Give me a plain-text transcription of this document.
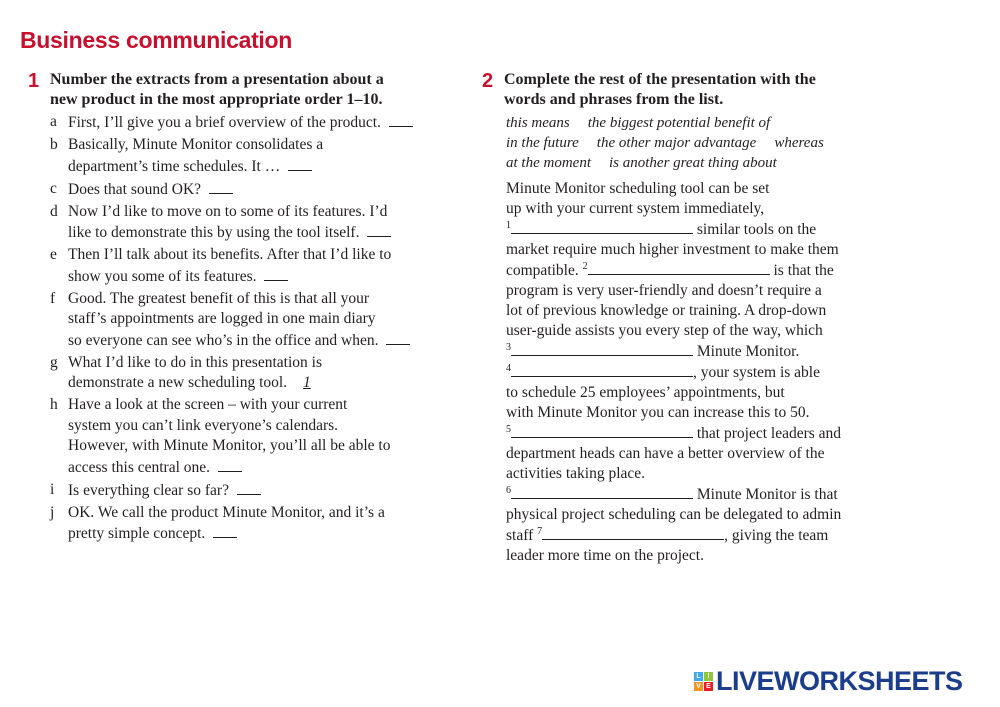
Business communication
1 Number the extracts from a presentation about a
new product in the most appropriate order 1–10.
a First, I’ll give you a brief overview of the product.
b Basically, Minute Monitor consolidates a
department’s time schedules. It …
c Does that sound OK?
d Now I’d like to move on to some of its features. I’d
like to demonstrate this by using the tool itself.
e Then I’ll talk about its benefits. After that I’d like to
show you some of its features.
f Good. The greatest benefit of this is that all your
staff’s appointments are logged in one main diary
so everyone can see who’s in the office and when.
g What I’d like to do in this presentation is
demonstrate a new scheduling tool. 1
h Have a look at the screen – with your current
system you can’t link everyone’s calendars.
However, with Minute Monitor, you’ll all be able to
access this central one.
i Is everything clear so far?
j OK. We call the product Minute Monitor, and it’s a
pretty simple concept.
2 Complete the rest of the presentation with the
words and phrases from the list.
this means the biggest potential benefit of
in the future the other major advantage whereas
at the moment is another great thing about
Minute Monitor scheduling tool can be set
up with your current system immediately,
$^1$	similar tools on the
market require much higher investment to make them
compatible. $^2$	is that the
program is very user-friendly and doesn’t require a
lot of previous knowledge or training. A drop-down
user-guide assists you every step of the way, which
$^3$	Minute Monitor.
$^4$	, your system is able
to schedule 25 employees’ appointments, but
with Minute Monitor you can increase this to 50.
$^5$	that project leaders and
department heads can have a better overview of the
activities taking place.
$^6$	Minute Monitor is that
physical project scheduling can be delegated to admin
staff $^7$	, giving the team
leader more time on the project.
L I
V E LIVEWORKSHEETS
